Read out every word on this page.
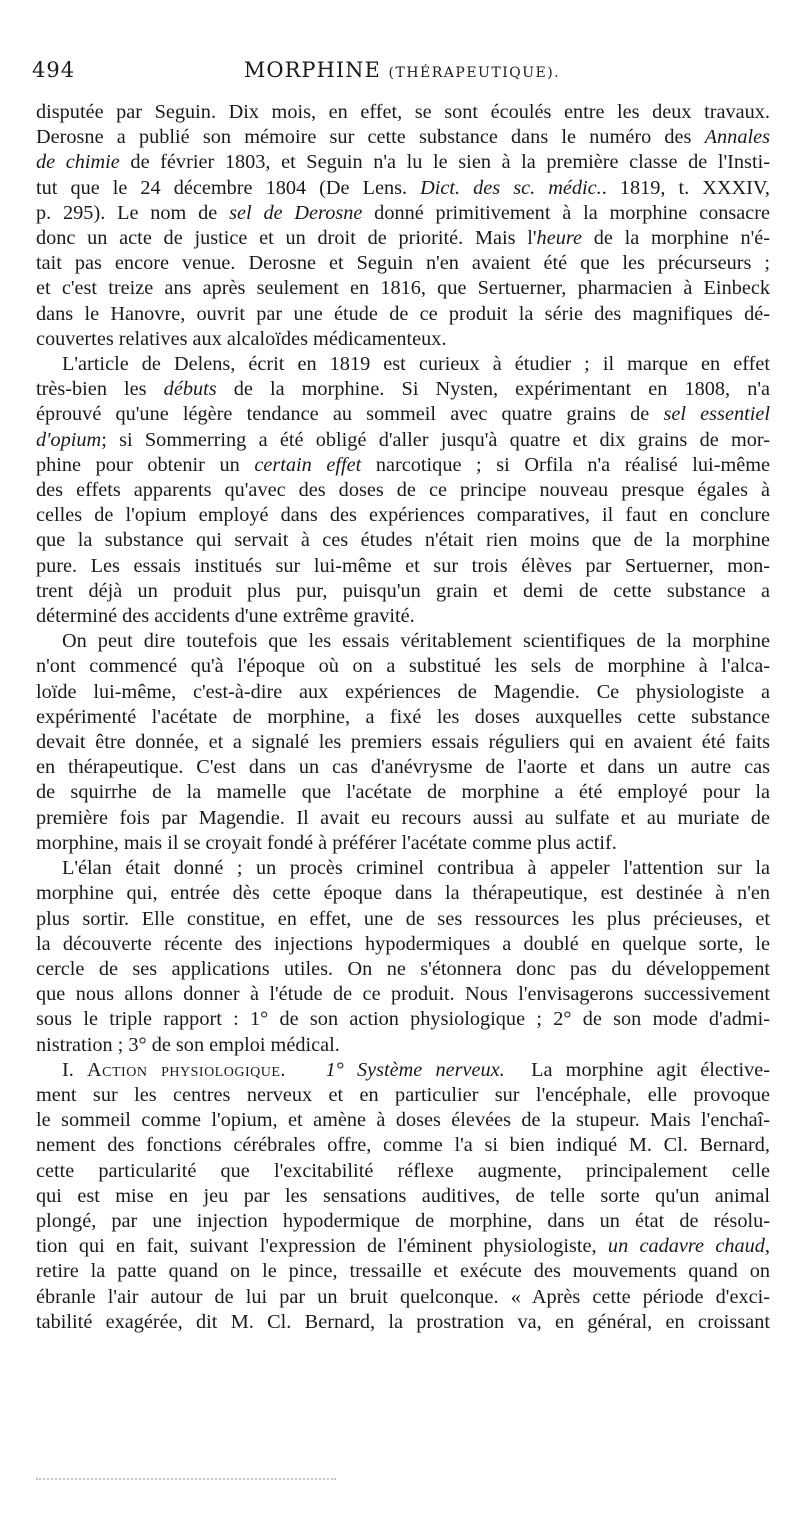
494	MORPHINE (THÉRAPEUTIQUE).
disputée par Seguin. Dix mois, en effet, se sont écoulés entre les deux travaux.
Derosne a publié son mémoire sur cette substance dans le numéro des Annales
de chimie de février 1803, et Seguin n'a lu le sien à la première classe de l'Insti-
tut que le 24 décembre 1804 (De Lens. Dict. des sc. médic.. 1819, t. XXXIV,
p. 295). Le nom de sel de Derosne donné primitivement à la morphine consacre
donc un acte de justice et un droit de priorité. Mais l'heure de la morphine n'é-
tait pas encore venue. Derosne et Seguin n'en avaient été que les précurseurs ;
et c'est treize ans après seulement en 1816, que Sertuerner, pharmacien à Einbeck
dans le Hanovre, ouvrit par une étude de ce produit la série des magnifiques dé-
couvertes relatives aux alcaloïdes médicamenteux.
L'article de Delens, écrit en 1819 est curieux à étudier ; il marque en effet
très-bien les débuts de la morphine. Si Nysten, expérimentant en 1808, n'a
éprouvé qu'une légère tendance au sommeil avec quatre grains de sel essentiel
d'opium; si Sommerring a été obligé d'aller jusqu'à quatre et dix grains de mor-
phine pour obtenir un certain effet narcotique ; si Orfila n'a réalisé lui-même
des effets apparents qu'avec des doses de ce principe nouveau presque égales à
celles de l'opium employé dans des expériences comparatives, il faut en conclure
que la substance qui servait à ces études n'était rien moins que de la morphine
pure. Les essais institués sur lui-même et sur trois élèves par Sertuerner, mon-
trent déjà un produit plus pur, puisqu'un grain et demi de cette substance a
déterminé des accidents d'une extrême gravité.
On peut dire toutefois que les essais véritablement scientifiques de la morphine
n'ont commencé qu'à l'époque où on a substitué les sels de morphine à l'alca-
loïde lui-même, c'est-à-dire aux expériences de Magendie. Ce physiologiste a
expérimenté l'acétate de morphine, a fixé les doses auxquelles cette substance
devait être donnée, et a signalé les premiers essais réguliers qui en avaient été faits
en thérapeutique. C'est dans un cas d'anévrysme de l'aorte et dans un autre cas
de squirrhe de la mamelle que l'acétate de morphine a été employé pour la
première fois par Magendie. Il avait eu recours aussi au sulfate et au muriate de
morphine, mais il se croyait fondé à préférer l'acétate comme plus actif.
L'élan était donné ; un procès criminel contribua à appeler l'attention sur la
morphine qui, entrée dès cette époque dans la thérapeutique, est destinée à n'en
plus sortir. Elle constitue, en effet, une de ses ressources les plus précieuses, et
la découverte récente des injections hypodermiques a doublé en quelque sorte, le
cercle de ses applications utiles. On ne s'étonnera donc pas du développement
que nous allons donner à l'étude de ce produit. Nous l'envisagerons successivement
sous le triple rapport : 1° de son action physiologique ; 2° de son mode d'admi-
nistration ; 3° de son emploi médical.
I. Action physiologique. 1° Système nerveux. La morphine agit élective-
ment sur les centres nerveux et en particulier sur l'encéphale, elle provoque
le sommeil comme l'opium, et amène à doses élevées de la stupeur. Mais l'enchaî-
nement des fonctions cérébrales offre, comme l'a si bien indiqué M. Cl. Bernard,
cette particularité que l'excitabilité réflexe augmente, principalement celle
qui est mise en jeu par les sensations auditives, de telle sorte qu'un animal
plongé, par une injection hypodermique de morphine, dans un état de résolu-
tion qui en fait, suivant l'expression de l'éminent physiologiste, un cadavre chaud,
retire la patte quand on le pince, tressaille et exécute des mouvements quand on
ébranle l'air autour de lui par un bruit quelconque. « Après cette période d'exci-
tabilité exagérée, dit M. Cl. Bernard, la prostration va, en général, en croissant
